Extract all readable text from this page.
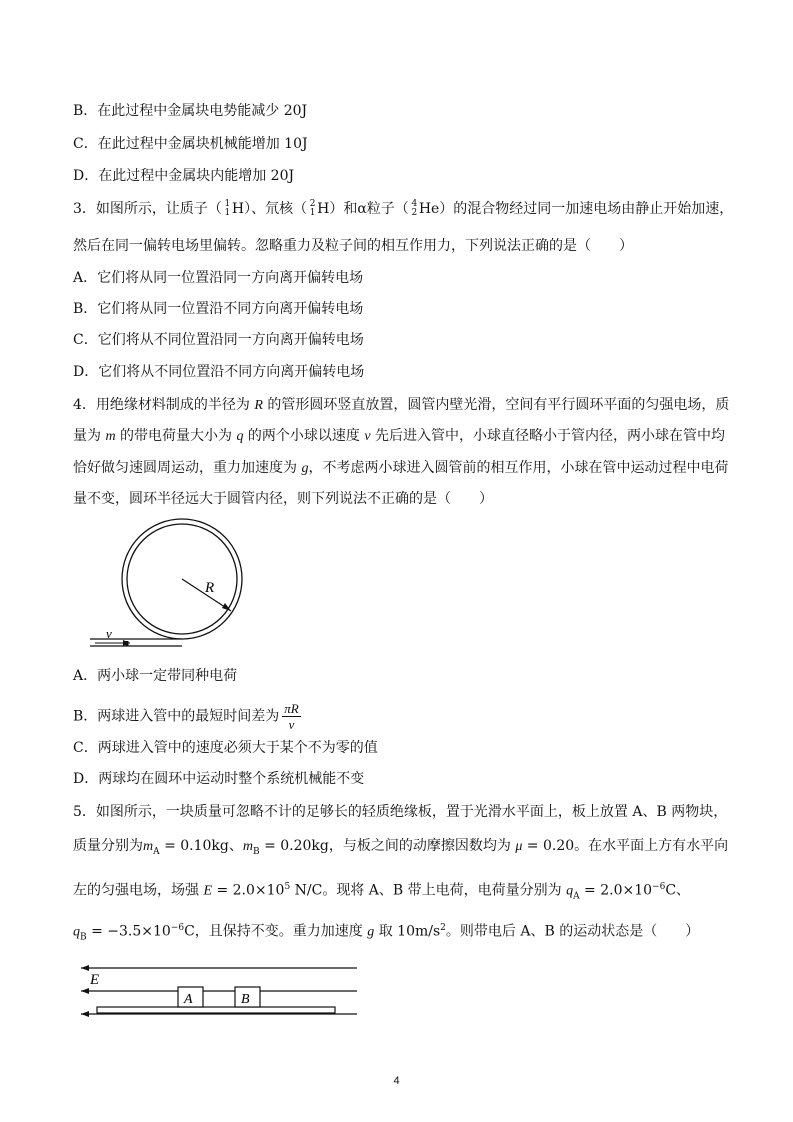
B．在此过程中金属块电势能减少 20J
C．在此过程中金属块机械能增加 10J
D．在此过程中金属块内能增加 20J
3．如图所示，让质子（ 1
1 H）、氘核（ 2
1 H）和α粒子（ 4
2 He）的混合物经过同一加速电场由静止开始加速，
然后在同一偏转电场里偏转。忽略重力及粒子间的相互作用力，下列说法正确的是（　　）
A．它们将从同一位置沿同一方向离开偏转电场
B．它们将从同一位置沿不同方向离开偏转电场
C．它们将从不同位置沿同一方向离开偏转电场
D．它们将从不同位置沿不同方向离开偏转电场
4．用绝缘材料制成的半径为 R 的管形圆环竖直放置，圆管内壁光滑，空间有平行圆环平面的匀强电场，质
量为 m 的带电荷量大小为 q 的两个小球以速度 v 先后进入管中，小球直径略小于管内径，两小球在管中均
恰好做匀速圆周运动，重力加速度为 g，不考虑两小球进入圆管前的相互作用，小球在管中运动过程中电荷
量不变，圆环半径远大于圆管内径，则下列说法不正确的是（　　）
R
v
A．两小球一定带同种电荷
B．两球进入管中的最短时间差为 $\frac{\pi R}{v}$
C．两球进入管中的速度必须大于某个不为零的值
D．两球均在圆环中运动时整个系统机械能不变
5．如图所示，一块质量可忽略不计的足够长的轻质绝缘板，置于光滑水平面上，板上放置 A、B 两物块，
质量分别为$m_A = 0.10kg$、$m_B = 0.20kg$，与板之间的动摩擦因数均为 μ = 0.20。在水平面上方有水平向
左的匀强电场，场强 $E = 2.0\times 10^5$ N/C。现将 A、B 带上电荷，电荷量分别为 $q_A = 2.0\times 10^{-6}C$、
$q_B = -3.5\times 10^{-6}C$，且保持不变。重力加速度 g 取 $10m/s^2$。则带电后 A、B 的运动状态是（　　）
E
A	B
4
